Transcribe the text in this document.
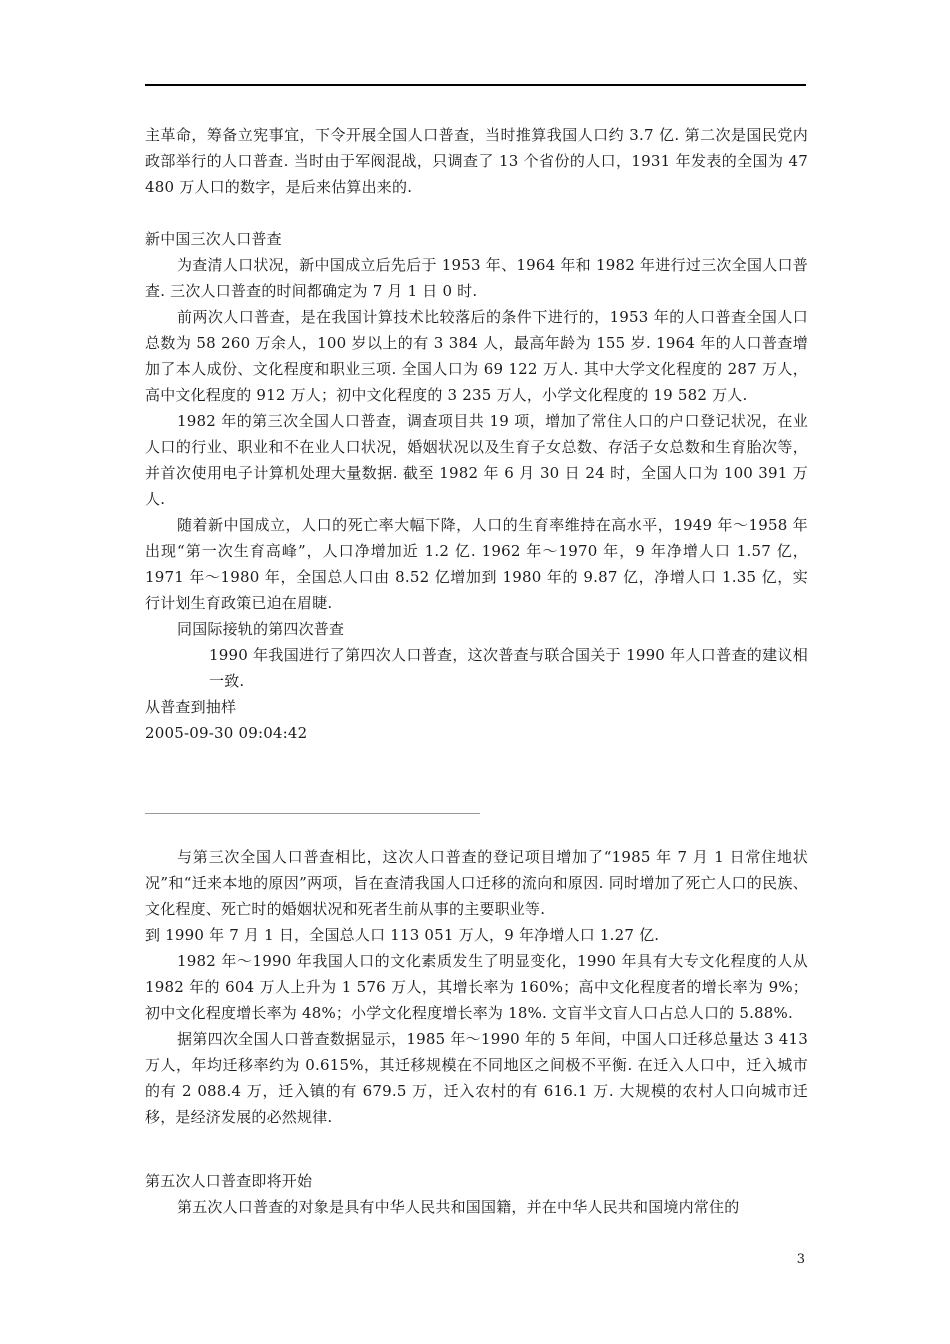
主革命，筹备立宪事宜，下令开展全国人口普查，当时推算我国人口约 3.7 亿. 第二次是国民党内政部举行的人口普查. 当时由于军阀混战，只调查了 13 个省份的人口，1931 年发表的全国为 47 480 万人口的数字，是后来估算出来的.

新中国三次人口普查

为查清人口状况，新中国成立后先后于 1953 年、1964 年和 1982 年进行过三次全国人口普查. 三次人口普查的时间都确定为 7 月 1 日 0 时.

前两次人口普查，是在我国计算技术比较落后的条件下进行的，1953 年的人口普查全国人口总数为 58 260 万余人，100 岁以上的有 3 384 人，最高年龄为 155 岁. 1964 年的人口普查增加了本人成份、文化程度和职业三项. 全国人口为 69 122 万人. 其中大学文化程度的 287 万人，高中文化程度的 912 万人；初中文化程度的 3 235 万人，小学文化程度的 19 582 万人.

1982 年的第三次全国人口普查，调查项目共 19 项，增加了常住人口的户口登记状况，在业人口的行业、职业和不在业人口状况，婚姻状况以及生育子女总数、存活子女总数和生育胎次等，并首次使用电子计算机处理大量数据. 截至 1982 年 6 月 30 日 24 时，全国人口为 100 391 万人.

随着新中国成立，人口的死亡率大幅下降，人口的生育率维持在高水平，1949 年～1958 年出现“第一次生育高峰”，人口净增加近 1.2 亿. 1962 年～1970 年，9 年净增人口 1.57 亿，1971 年～1980 年，全国总人口由 8.52 亿增加到 1980 年的 9.87 亿，净增人口 1.35 亿，实行计划生育政策已迫在眉睫.

同国际接轨的第四次普查

1990 年我国进行了第四次人口普查，这次普查与联合国关于 1990 年人口普查的建议相一致.

从普查到抽样

2005-09-30 09:04:42

与第三次全国人口普查相比，这次人口普查的登记项目增加了“1985 年 7 月 1 日常住地状况”和“迁来本地的原因”两项，旨在查清我国人口迁移的流向和原因. 同时增加了死亡人口的民族、文化程度、死亡时的婚姻状况和死者生前从事的主要职业等.

到 1990 年 7 月 1 日，全国总人口 113 051 万人，9 年净增人口 1.27 亿.

1982 年～1990 年我国人口的文化素质发生了明显变化，1990 年具有大专文化程度的人从 1982 年的 604 万人上升为 1 576 万人，其增长率为 160%；高中文化程度者的增长率为 9%；初中文化程度增长率为 48%；小学文化程度增长率为 18%. 文盲半文盲人口占总人口的 5.88%.

据第四次全国人口普查数据显示，1985 年～1990 年的 5 年间，中国人口迁移总量达 3 413 万人，年均迁移率约为 0.615%，其迁移规模在不同地区之间极不平衡. 在迁入人口中，迁入城市的有 2 088.4 万，迁入镇的有 679.5 万，迁入农村的有 616.1 万. 大规模的农村人口向城市迁移，是经济发展的必然规律.

第五次人口普查即将开始

第五次人口普查的对象是具有中华人民共和国国籍，并在中华人民共和国境内常住的

3
